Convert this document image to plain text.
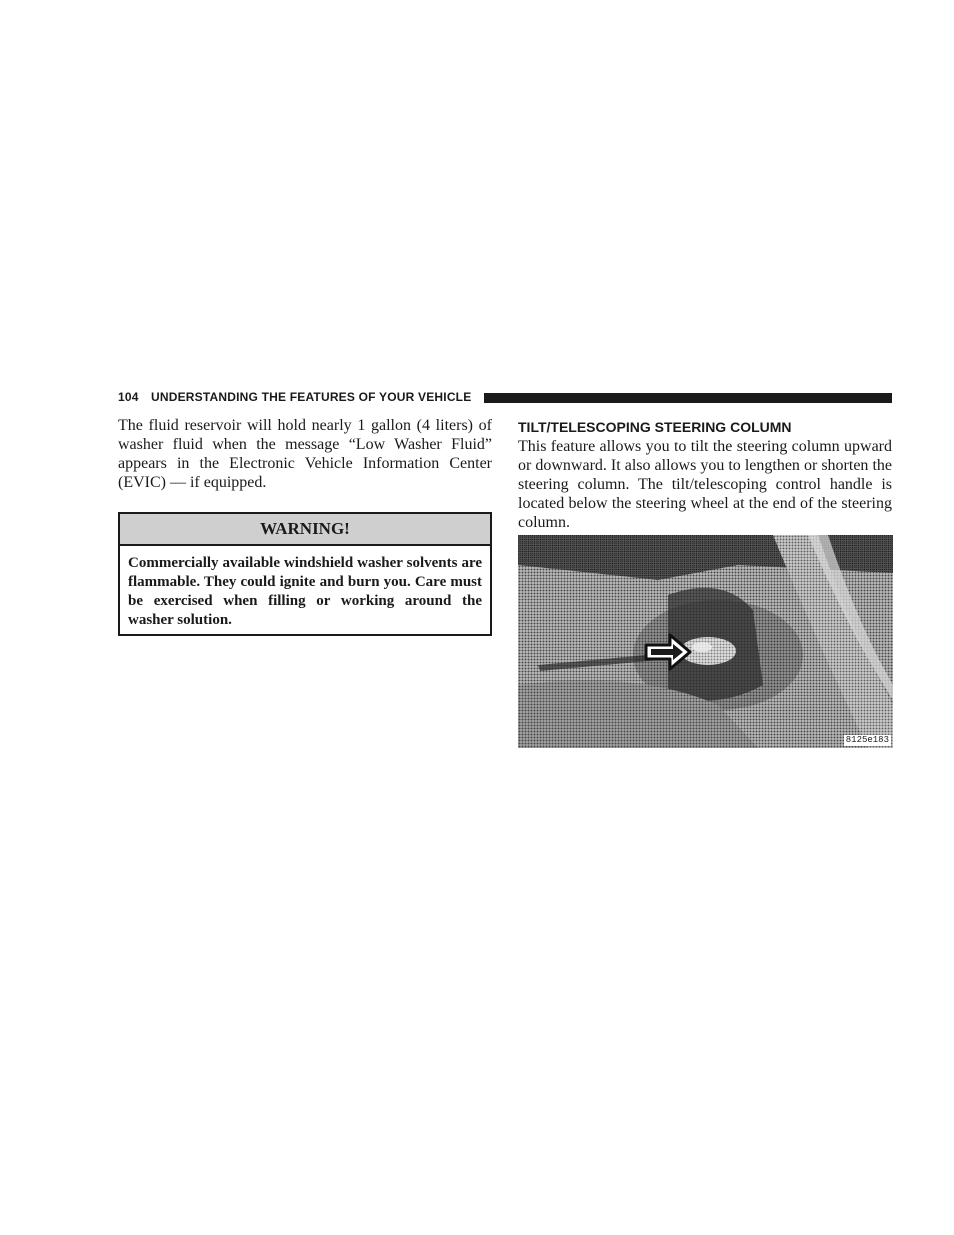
104 UNDERSTANDING THE FEATURES OF YOUR VEHICLE

The fluid reservoir will hold nearly 1 gallon (4 liters) of washer fluid when the message “Low Washer Fluid” appears in the Electronic Vehicle Information Center (EVIC) — if equipped.

WARNING!

Commercially available windshield washer solvents are flammable. They could ignite and burn you. Care must be exercised when filling or working around the washer solution.

TILT/TELESCOPING STEERING COLUMN

This feature allows you to tilt the steering column upward or downward. It also allows you to lengthen or shorten the steering column. The tilt/telescoping control handle is located below the steering wheel at the end of the steering column.

8125e183
